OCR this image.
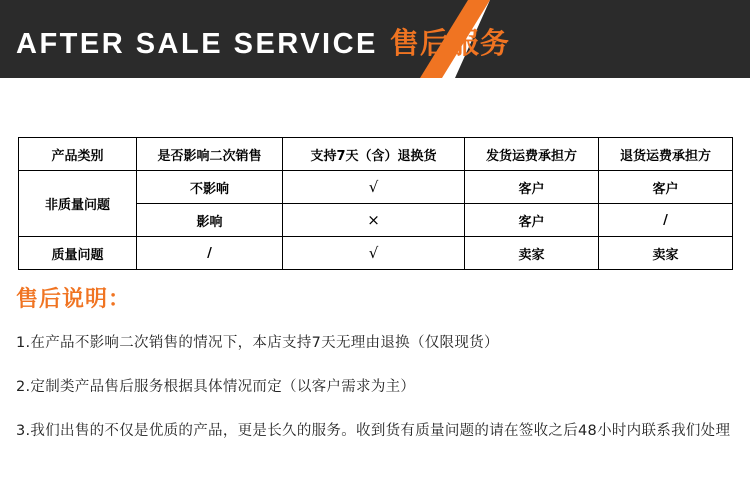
AFTER SALE SERVICE 售后服务
产品类别	是否影响二次销售	支持7天（含）退换货	发货运费承担方	退货运费承担方
非质量问题	不影响	√	客户	客户
	影响	×	客户	/
质量问题	/	√	卖家	卖家
售后说明：
1.在产品不影响二次销售的情况下，本店支持7天无理由退换（仅限现货）
2.定制类产品售后服务根据具体情况而定（以客户需求为主）
3.我们出售的不仅是优质的产品，更是长久的服务。收到货有质量问题的请在签收之后48小时内联系我们处理
